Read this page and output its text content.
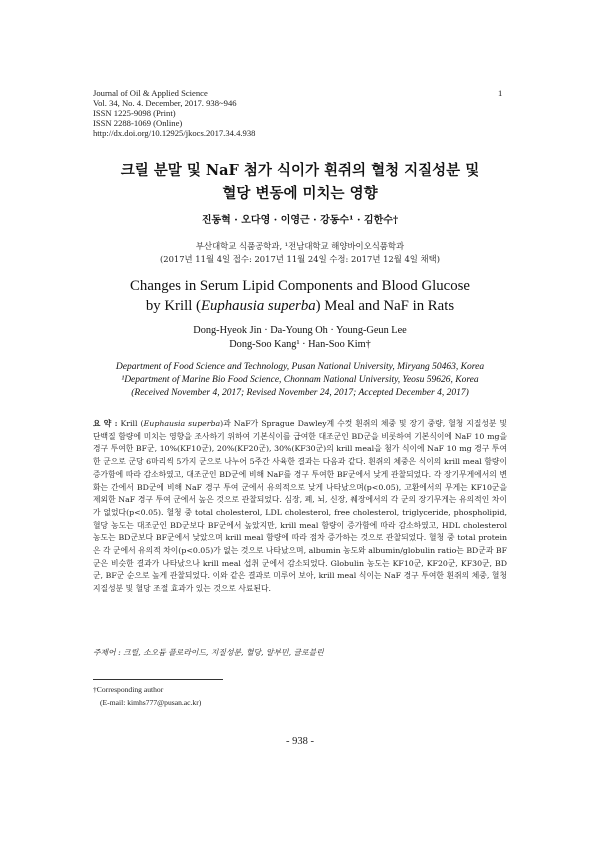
Journal of Oil & Applied Science
Vol. 34, No. 4. December, 2017. 938~946
ISSN 1225-9098 (Print)
ISSN 2288-1069 (Online)
http://dx.doi.org/10.12925/jkocs.2017.34.4.938
1
크릴 분말 및 NaF 첨가 식이가 흰쥐의 혈청 지질성분 및
혈당 변동에 미치는 영향
진동혁 · 오다영 · 이영근 · 강동수¹ · 김한수†
부산대학교 식품공학과, ¹전남대학교 해양바이오식품학과
(2017년 11월 4일 접수: 2017년 11월 24일 수정: 2017년 12월 4일 채택)
Changes in Serum Lipid Components and Blood Glucose
by Krill (Euphausia superba) Meal and NaF in Rats
Dong-Hyeok Jin · Da-Young Oh · Young-Geun Lee
Dong-Soo Kang¹ · Han-Soo Kim†
Department of Food Science and Technology, Pusan National University, Miryang 50463, Korea
¹Department of Marine Bio Food Science, Chonnam National University, Yeosu 59626, Korea
(Received November 4, 2017; Revised November 24, 2017; Accepted December 4, 2017)

요 약 : Krill (Euphausia superba)과 NaF가 Sprague Dawley계 수컷 흰쥐의 체중 및 장기 중량, 혈청 지질성분 및 단백질 함량에 미치는 영향을 조사하기 위하여 기본식이를 급여한 대조군인 BD군을 비롯하여 기본식이에 NaF 10 mg을 경구 투여한 BF군, 10%(KF10군), 20%(KF20군), 30%(KF30군)의 krill meal을 첨가 식이에 NaF 10 mg 경구 투여한 군으로 군당 6마리씩 5가지 군으로 나누어 5주간 사육한 결과는 다음과 같다. 흰쥐의 체중은 식이의 krill meal 함량이 증가함에 따라 감소하였고, 대조군인 BD군에 비해 NaF를 경구 투여한 BF군에서 낮게 관찰되었다. 각 장기무게에서의 변화는 간에서 BD군에 비해 NaF 경구 투여 군에서 유의적으로 낮게 나타났으며(p<0.05), 고환에서의 무게는 KF10군을 제외한 NaF 경구 투여 군에서 높은 것으로 관찰되었다. 심장, 폐, 뇌, 신장, 췌장에서의 각 군의 장기무게는 유의적인 차이가 없었다(p<0.05). 혈청 중 total cholesterol, LDL cholesterol, free cholesterol, triglyceride, phospholipid, 혈당 농도는 대조군인 BD군보다 BF군에서 높았지만, krill meal 함량이 증가함에 따라 감소하였고, HDL cholesterol 농도는 BD군보다 BF군에서 낮았으며 krill meal 함량에 따라 점차 증가하는 것으로 관찰되었다. 혈청 중 total protein은 각 군에서 유의적 차이(p<0.05)가 없는 것으로 나타났으며, albumin 농도와 albumin/globulin ratio는 BD군과 BF군은 비슷한 결과가 나타났으나 krill meal 섭취 군에서 감소되었다. Globulin 농도는 KF10군, KF20군, KF30군, BD군, BF군 순으로 높게 관찰되었다. 이와 같은 결과로 미루어 보아, krill meal 식이는 NaF 경구 투여한 흰쥐의 체중, 혈청 지질성분 및 혈당 조절 효과가 있는 것으로 사료된다.

주제어 : 크릴, 소오듐 플로라이드, 지질성분, 혈당, 알부민, 글로블린
†Corresponding author
(E-mail: kimhs777@pusan.ac.kr)
- 938 -
